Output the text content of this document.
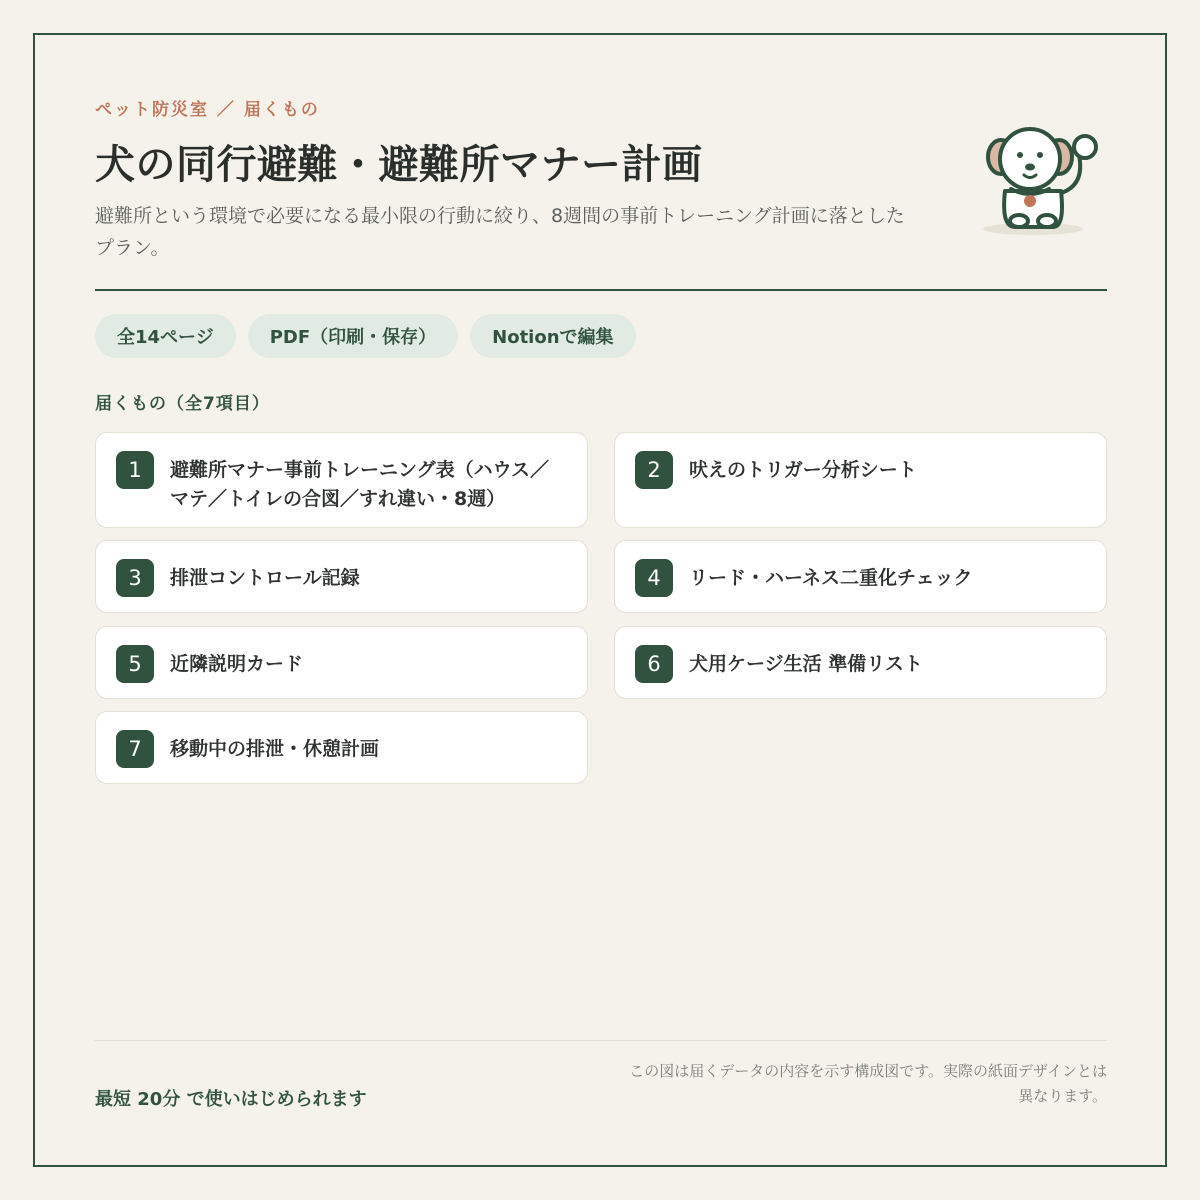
ペット防災室 ／ 届くもの
犬の同行避難・避難所マナー計画

避難所という環境で必要になる最小限の行動に絞り、8週間の事前トレーニング計画に落としたプラン。

全14ページ	PDF（印刷・保存）	Notionで編集
届くもの（全7項目）
1	避難所マナー事前トレーニング表（ハウス／マテ／トイレの合図／すれ違い・8週）
2	吠えのトリガー分析シート
3	排泄コントロール記録	4	リード・ハーネス二重化チェック
5	近隣説明カード	6	犬用ケージ生活 準備リスト
7	移動中の排泄・休憩計画
最短 20分 で使いはじめられます
この図は届くデータの内容を示す構成図です。実際の紙面デザインとは異なります。
